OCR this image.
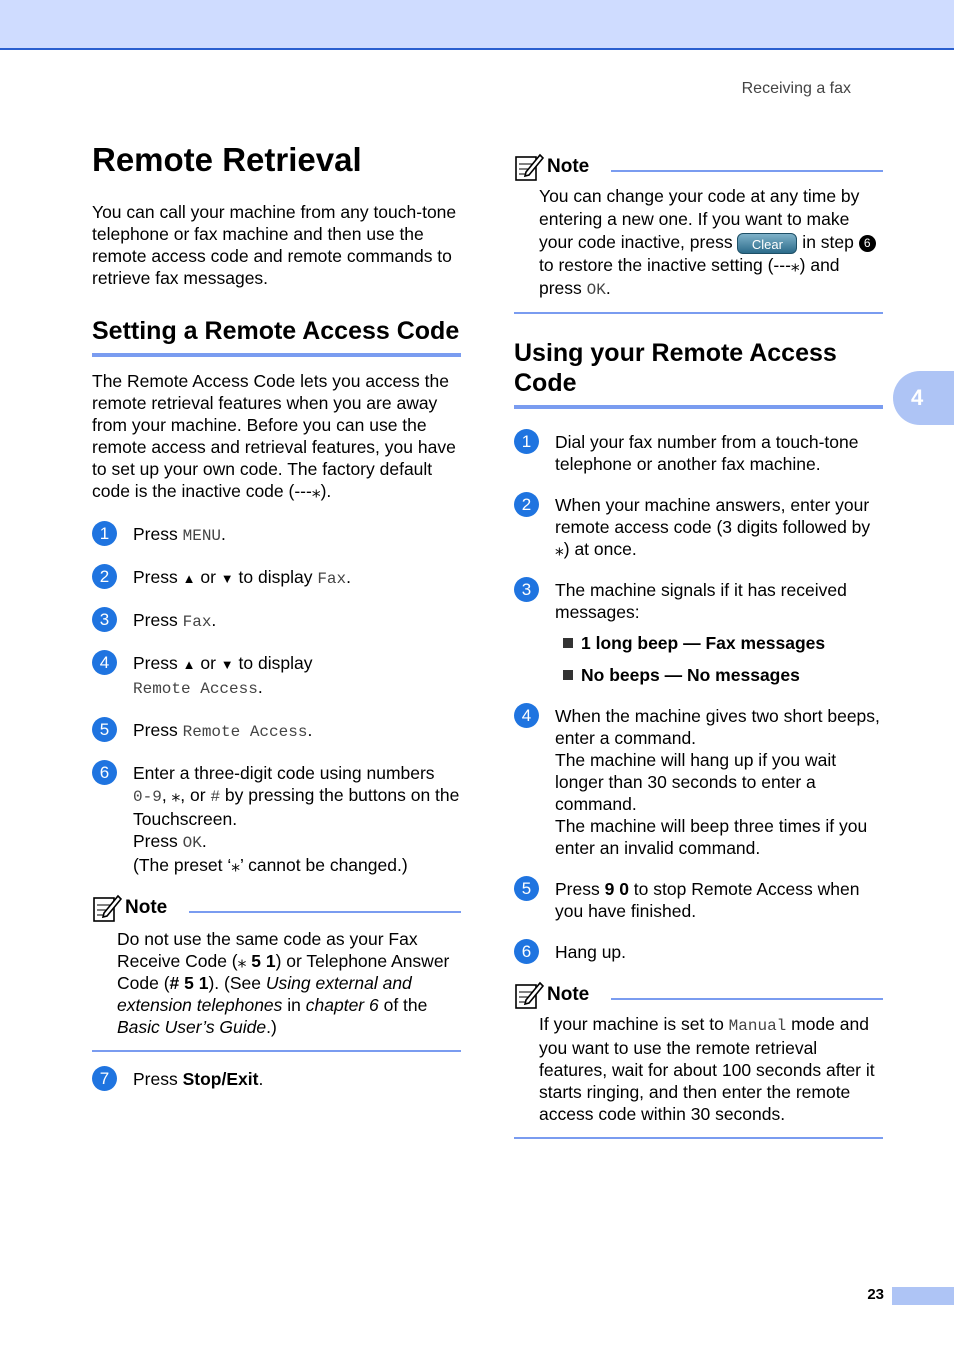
Receiving a fax
4
23
Remote Retrieval

You can call your machine from any touch-tone telephone or fax machine and then use the remote access code and remote commands to retrieve fax messages.

Setting a Remote Access Code

The Remote Access Code lets you access the remote retrieval features when you are away from your machine. Before you can use the remote access and retrieval features, you have to set up your own code. The factory default code is the inactive code (---⁎).

1	Press MENU.
2	Press ▲ or ▼ to display Fax.
3	Press Fax.
4	Press ▲ or ▼ to display
Remote Access.
5	Press Remote Access.
6	Enter a three-digit code using numbers
0-9, ⁎, or # by pressing the buttons on the Touchscreen.
Press OK.
(The preset ‘⁎’ cannot be changed.)
Note
Do not use the same code as your Fax Receive Code (⁎ 5 1) or Telephone Answer Code (# 5 1). (See Using external and extension telephones in chapter 6 of the Basic User’s Guide.)
7	Press Stop/Exit.
Note
You can change your code at any time by entering a new one. If you want to make your code inactive, press Clear in step 6 to restore the inactive setting (---⁎) and press OK.
Using your Remote Access Code
1	Dial your fax number from a touch-tone telephone or another fax machine.
2	When your machine answers, enter your remote access code (3 digits followed by ⁎) at once.
3	The machine signals if it has received messages:
1 long beep — Fax messages
No beeps — No messages
4	When the machine gives two short beeps, enter a command.
The machine will hang up if you wait longer than 30 seconds to enter a command.
The machine will beep three times if you enter an invalid command.
5	Press 9 0 to stop Remote Access when you have finished.
6	Hang up.
Note
If your machine is set to Manual mode and you want to use the remote retrieval features, wait for about 100 seconds after it starts ringing, and then enter the remote access code within 30 seconds.
